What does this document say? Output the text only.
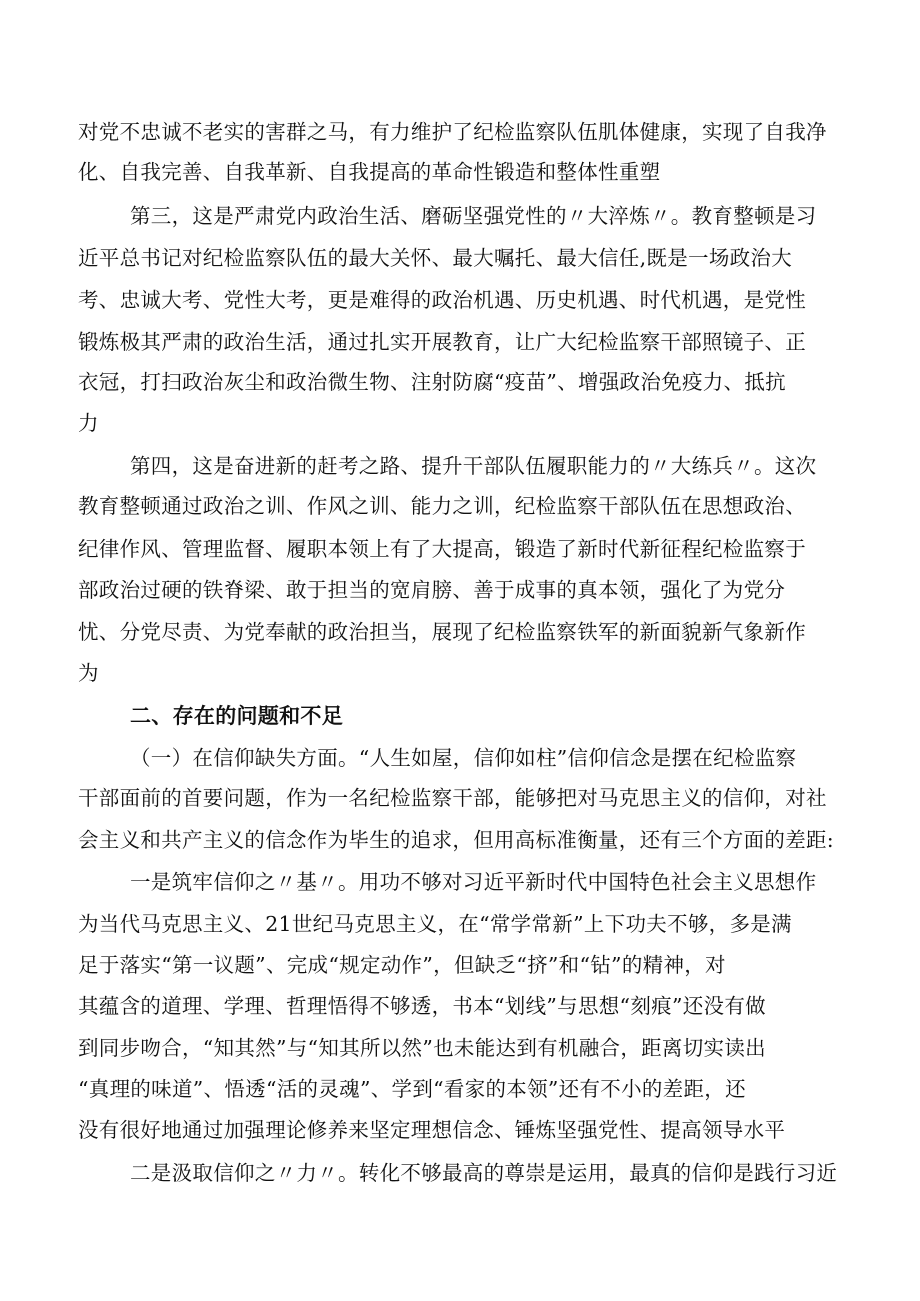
对党不忠诚不老实的害群之马，有力维护了纪检监察队伍肌体健康，实现了自我净
化、自我完善、自我革新、自我提高的革命性锻造和整体性重塑
第三，这是严肃党内政治生活、磨砺坚强党性的〃大淬炼〃。教育整顿是习
近平总书记对纪检监察队伍的最大关怀、最大嘱托、最大信任,既是一场政治大
考、忠诚大考、党性大考，更是难得的政治机遇、历史机遇、时代机遇，是党性
锻炼极其严肃的政治生活，通过扎实开展教育，让广大纪检监察干部照镜子、正
衣冠，打扫政治灰尘和政治微生物、注射防腐“疫苗”、增强政治免疫力、抵抗
力
第四，这是奋进新的赶考之路、提升干部队伍履职能力的〃大练兵〃。这次
教育整顿通过政治之训、作风之训、能力之训，纪检监察干部队伍在思想政治、
纪律作风、管理监督、履职本领上有了大提高，锻造了新时代新征程纪检监察于
部政治过硬的铁脊梁、敢于担当的宽肩膀、善于成事的真本领，强化了为党分
忧、分党尽责、为党奉献的政治担当，展现了纪检监察铁军的新面貌新气象新作
为
二、存在的问题和不足
（一）在信仰缺失方面。“人生如屋，信仰如柱”信仰信念是摆在纪检监察
干部面前的首要问题，作为一名纪检监察干部，能够把对马克思主义的信仰，对社
会主义和共产主义的信念作为毕生的追求，但用高标准衡量，还有三个方面的差距:
一是筑牢信仰之〃基〃。用功不够对习近平新时代中国特色社会主义思想作
为当代马克思主义、21世纪马克思主义，在“常学常新”上下功夫不够，多是满
足于落实“第一议题”、完成“规定动作”，但缺乏“挤”和“钻”的精神，对
其蕴含的道理、学理、哲理悟得不够透，书本“划线”与思想“刻痕”还没有做
到同步吻合，“知其然”与“知其所以然”也未能达到有机融合，距离切实读出
“真理的味道”、悟透“活的灵魂”、学到“看家的本领”还有不小的差距，还
没有很好地通过加强理论修养来坚定理想信念、锤炼坚强党性、提高领导水平
二是汲取信仰之〃力〃。转化不够最高的尊崇是运用，最真的信仰是践行习近
